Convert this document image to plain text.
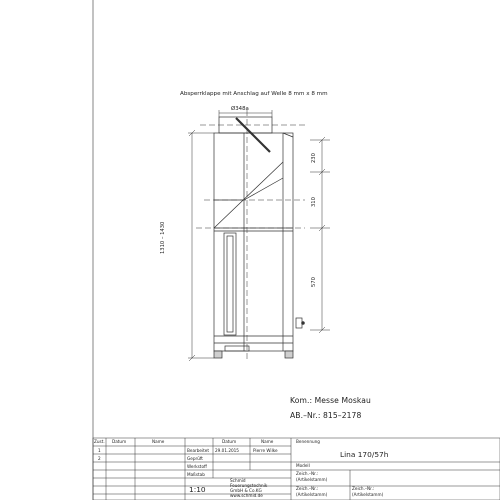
Absperrklappe mit Anschlag auf Welle 8 mm x 8 mm
Ø348a
1310 – 1430
230
310
570
Kom.: Messe Moskau
AB.–Nr.: 815–2178
Zust. Datum	Name
1
2
Datum	Name
Bearbeitet 29.01.2015	Pierre Wilke
Geprüft
Werkstoff
Maßstab
1:10
Schmid
Feuerungstechnik
GmbH & Co.KG
www.schmid.de
Benennung
Lina 170/57h
Modell
Zeich.–Nr.:
(Artikelstamm)
Zeich.–Nr.:
(Artikelstamm)
Zeich.–Nr.:
(Artikelstamm)
